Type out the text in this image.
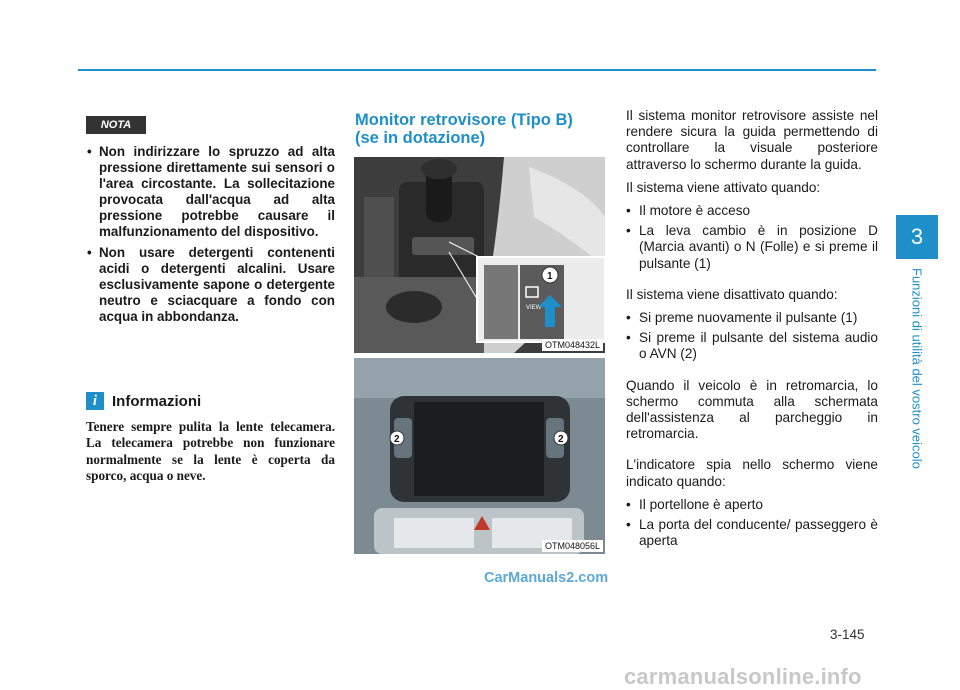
3
Funzioni di utilità del vostro veicolo
NOTA
• Non indirizzare lo spruzzo ad alta pressione direttamente sui sensori o l'area circostante. La sollecitazione provocata dall'acqua ad alta pressione potrebbe causare il malfunzionamento del dispositivo.
• Non usare detergenti contenenti acidi o detergenti alcalini. Usare esclusivamente sapone o detergente neutro e sciacquare a fondo con acqua in abbondanza.
i Informazioni
Tenere sempre pulita la lente telecamera. La telecamera potrebbe non funzionare normalmente se la lente è coperta da sporco, acqua o neve.
Monitor retrovisore (Tipo B)
(se in dotazione)
VIEW
1
OTM048432L
2	2
OTM048056L
CarManuals2.com

Il sistema monitor retrovisore assiste nel rendere sicura la guida permettendo di controllare la visuale posteriore attraverso lo schermo durante la guida.

Il sistema viene attivato quando:

• Il motore è acceso
• La leva cambio è in posizione D (Marcia avanti) o N (Folle) e si preme il pulsante (1)

Il sistema viene disattivato quando:

• Si preme nuovamente il pulsante (1)
• Si preme il pulsante del sistema audio o AVN (2)

Quando il veicolo è in retromarcia, lo schermo commuta alla schermata dell'assistenza al parcheggio in retromarcia.

L'indicatore spia nello schermo viene indicato quando:

• Il portellone è aperto
• La porta del conducente/ passeggero è aperta
3-145
carmanualsonline.info
